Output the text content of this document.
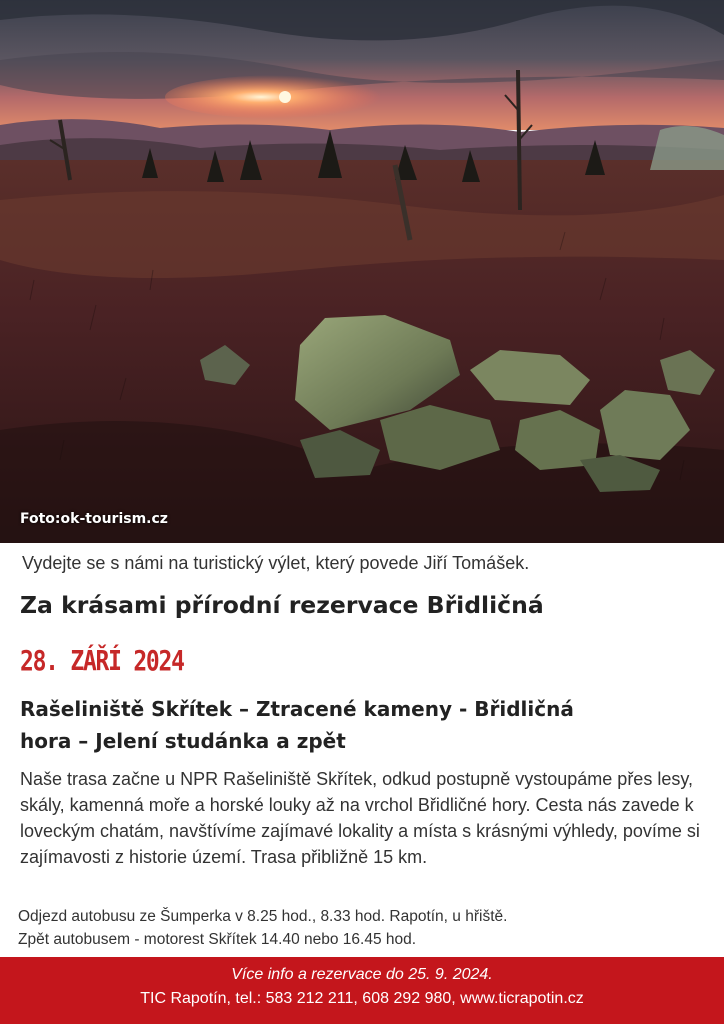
Foto:ok-tourism.cz
Vydejte se s námi na turistický výlet, který povede Jiří Tomášek.
Za krásami přírodní rezervace Břidličná
28. ZÁŘÍ 2024
Rašeliniště Skřítek – Ztracené kameny - Břidličná
hora – Jelení studánka a zpět
Naše trasa začne u NPR Rašeliniště Skřítek, odkud postupně vystoupáme přes lesy, skály, kamenná moře a horské louky až na vrchol Břidličné hory. Cesta nás zavede k loveckým chatám, navštívíme zajímavé lokality a místa s krásnými výhledy, povíme si zajímavosti z historie území. Trasa přibližně 15 km.
Odjezd autobusu ze Šumperka v 8.25 hod., 8.33 hod. Rapotín, u hřiště.
Zpět autobusem - motorest Skřítek 14.40 nebo 16.45 hod.
Více info a rezervace do 25. 9. 2024.
TIC Rapotín, tel.: 583 212 211, 608 292 980, www.ticrapotin.cz
